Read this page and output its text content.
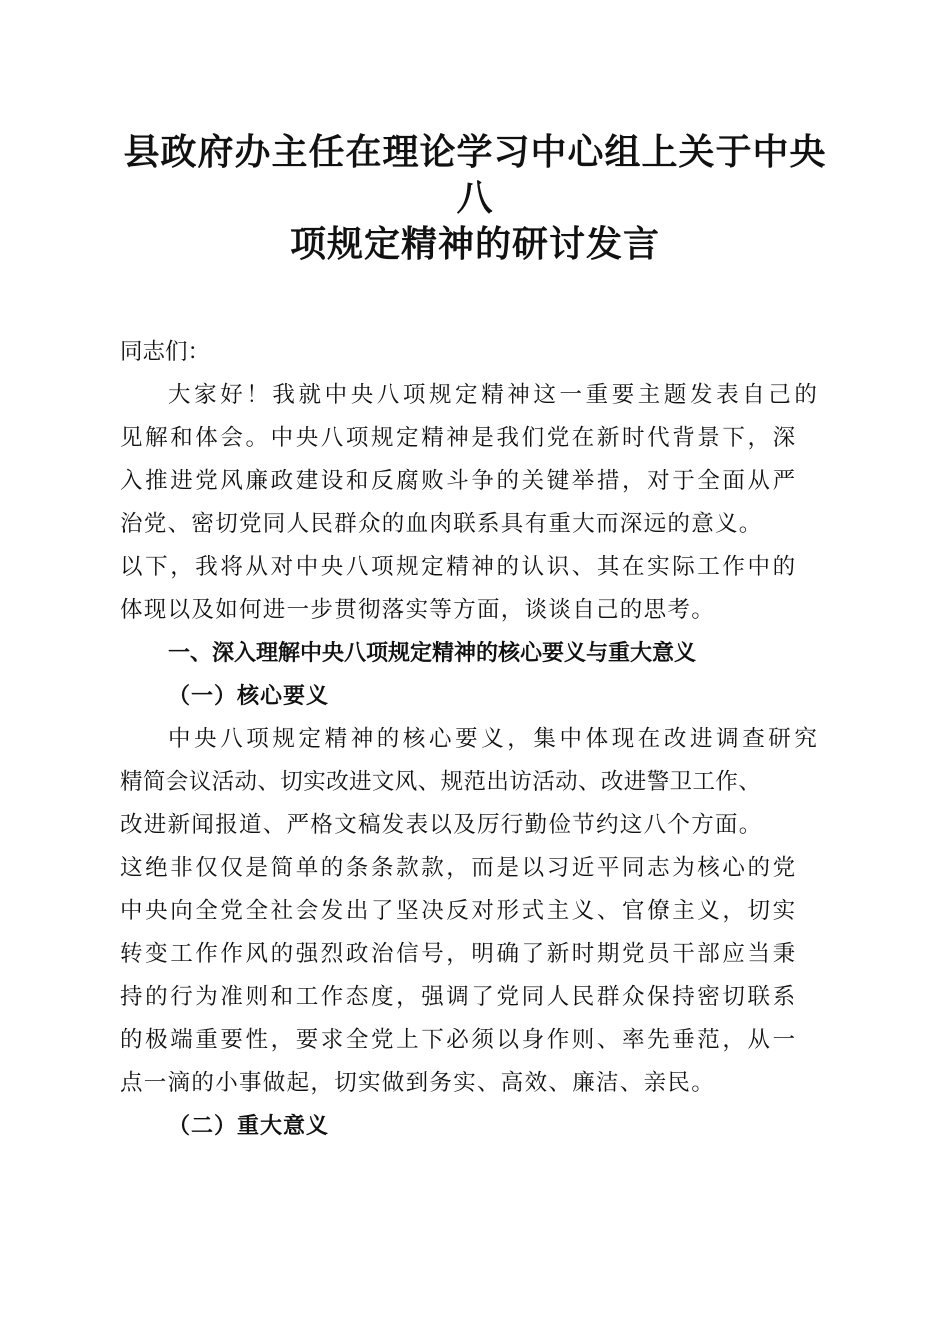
县政府办主任在理论学习中心组上关于中央八
项规定精神的研讨发言

同志们：

大家好！我就中央八项规定精神这一重要主题发表自己的
见解和体会。中央八项规定精神是我们党在新时代背景下，深
入推进党风廉政建设和反腐败斗争的关键举措，对于全面从严
治党、密切党同人民群众的血肉联系具有重大而深远的意义。
以下，我将从对中央八项规定精神的认识、其在实际工作中的
体现以及如何进一步贯彻落实等方面，谈谈自己的思考。

一、深入理解中央八项规定精神的核心要义与重大意义
（一）核心要义

中央八项规定精神的核心要义，集中体现在改进调查研究
精简会议活动、切实改进文风、规范出访活动、改进警卫工作、
改进新闻报道、严格文稿发表以及厉行勤俭节约这八个方面。
这绝非仅仅是简单的条条款款，而是以习近平同志为核心的党
中央向全党全社会发出了坚决反对形式主义、官僚主义，切实
转变工作作风的强烈政治信号，明确了新时期党员干部应当秉
持的行为准则和工作态度，强调了党同人民群众保持密切联系
的极端重要性，要求全党上下必须以身作则、率先垂范，从一
点一滴的小事做起，切实做到务实、高效、廉洁、亲民。

（二）重大意义
